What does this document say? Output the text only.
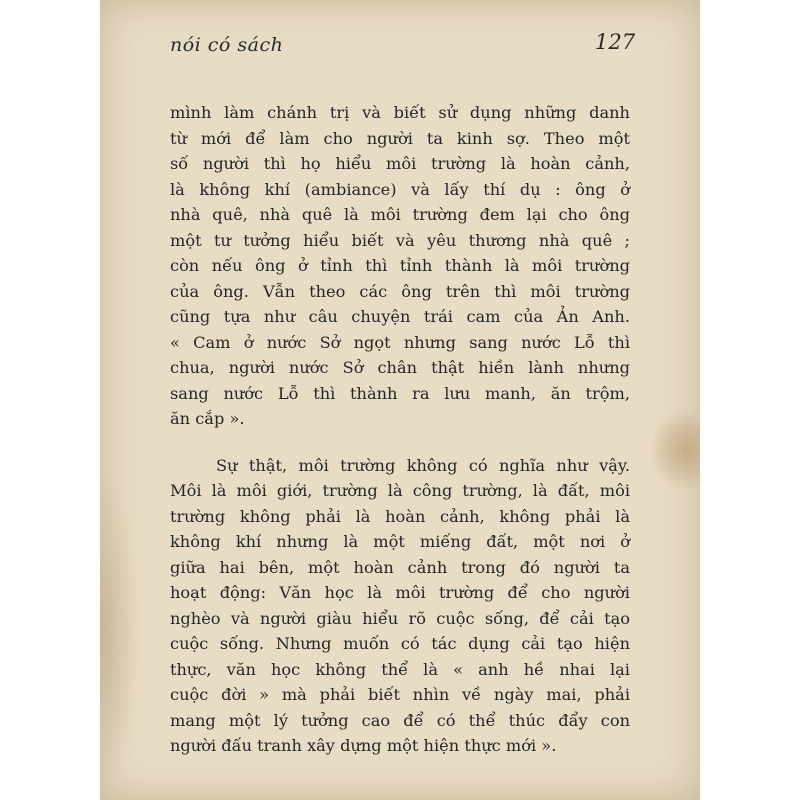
nói có sách	127
mình làm chánh trị và biết sử dụng những danh
từ mới để làm cho người ta kinh sợ. Theo một
số người thì họ hiểu môi trường là hoàn cảnh,
là không khí (ambiance) và lấy thí dụ : ông ở
nhà quê, nhà quê là môi trường đem lại cho ông
một tư tưởng hiểu biết và yêu thương nhà quê ;
còn nếu ông ở tỉnh thì tỉnh thành là môi trường
của ông. Vẫn theo các ông trên thì môi trường
cũng tựa như câu chuyện trái cam của Ản Anh.
« Cam ở nước Sở ngọt nhưng sang nước Lỗ thì
chua, người nước Sở chân thật hiền lành nhưng
sang nước Lỗ thì thành ra lưu manh, ăn trộm,
ăn cắp ».
Sự thật, môi trường không có nghĩa như vậy.
Môi là môi giới, trường là công trường, là đất, môi
trường không phải là hoàn cảnh, không phải là
không khí nhưng là một miếng đất, một nơi ở
giữa hai bên, một hoàn cảnh trong đó người ta
hoạt động: Văn học là môi trường để cho người
nghèo và người giàu hiểu rõ cuộc sống, để cải tạo
cuộc sống. Nhưng muốn có tác dụng cải tạo hiện
thực, văn học không thể là « anh hề nhai lại
cuộc đời » mà phải biết nhìn về ngày mai, phải
mang một lý tưởng cao để có thể thúc đẩy con
người đấu tranh xây dựng một hiện thực mới ».
